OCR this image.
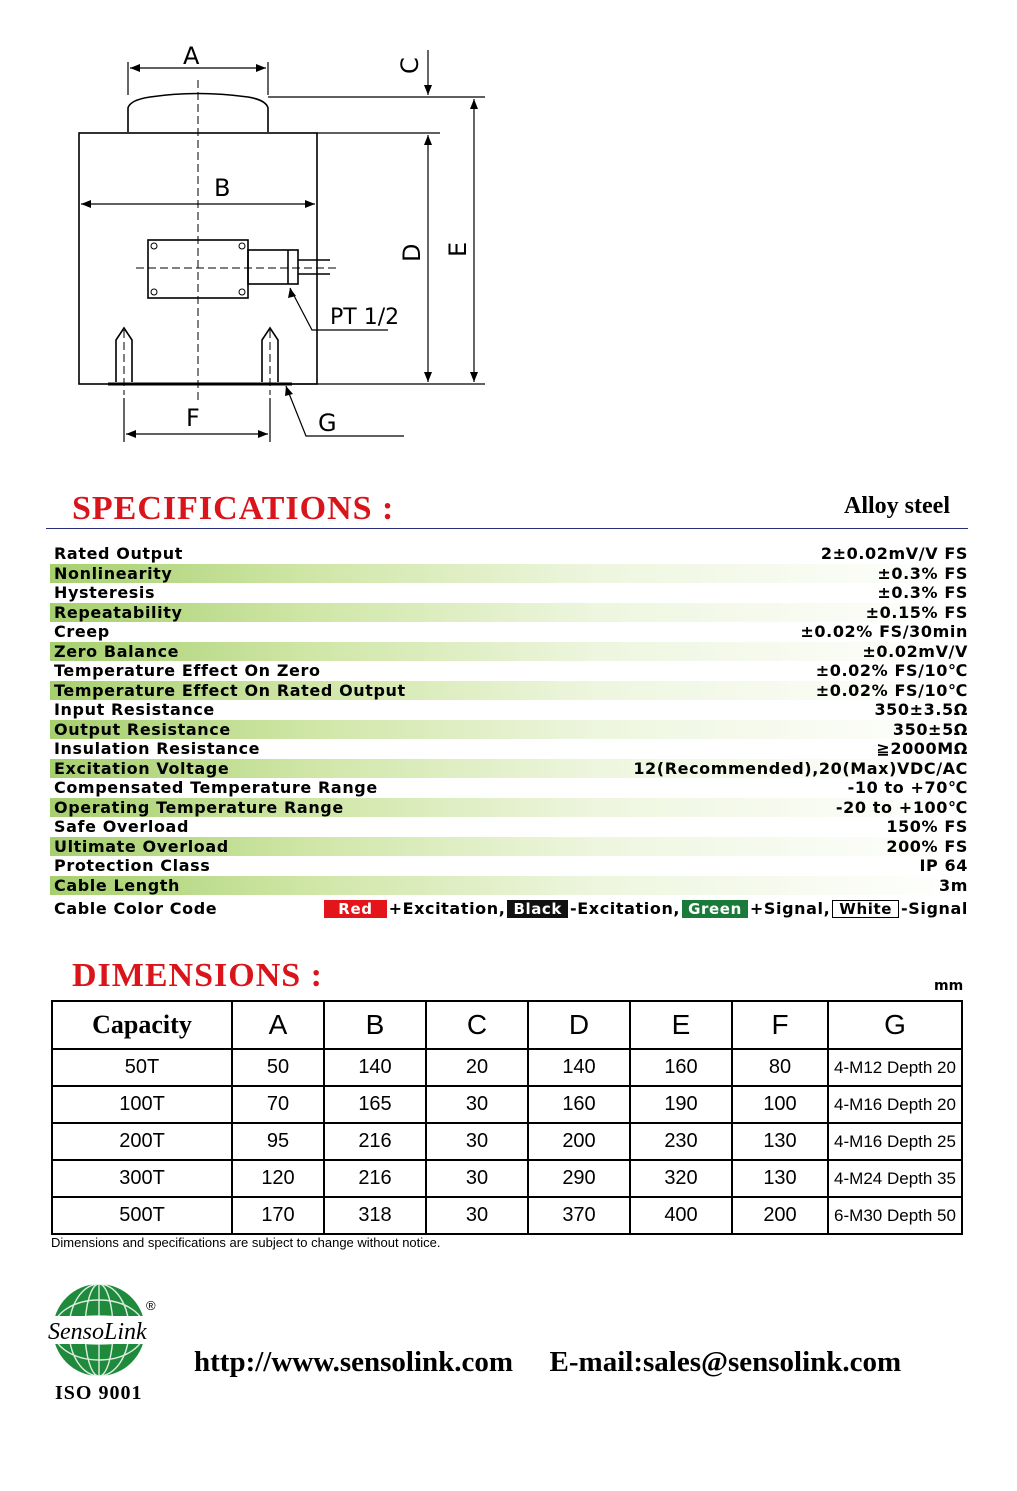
A
B
C
D E
F	G
PT 1/2
SPECIFICATIONS :	Alloy steel
Rated Output	2±0.02mV/V FS
Nonlinearity	±0.3% FS
Hysteresis	±0.3% FS
Repeatability	±0.15% FS
Creep	±0.02% FS/30min
Zero Balance	±0.02mV/V
Temperature Effect On Zero	±0.02% FS/10℃
Temperature Effect On Rated Output	±0.02% FS/10℃
Input Resistance	350±3.5Ω
Output Resistance	350±5Ω
Insulation Resistance	≧2000MΩ
Excitation Voltage	12(Recommended),20(Max)VDC/AC
Compensated Temperature Range	-10 to +70℃
Operating Temperature Range	-20 to +100℃
Safe Overload	150% FS
Ultimate Overload	200% FS
Protection Class	IP 64
Cable Length	3m
Cable Color Code	Red	+Excitation, Black -Excitation, Green +Signal, White -Signal
DIMENSIONS :	mm
Capacity	A	B	C	D	E	F	G
50T	50	140	20	140	160	80	4-M12 Depth 20
100T	70	165	30	160	190	100	4-M16 Depth 20
200T	95	216	30	200	230	130	4-M16 Depth 25
300T	120	216	30	290	320	130	4-M24 Depth 35
500T	170	318	30	370	400	200	6-M30 Depth 50
Dimensions and specifications are subject to change without notice.
SensoLink
®
ISO 9001
http://www.sensolink.com E-mail:sales@sensolink.com
